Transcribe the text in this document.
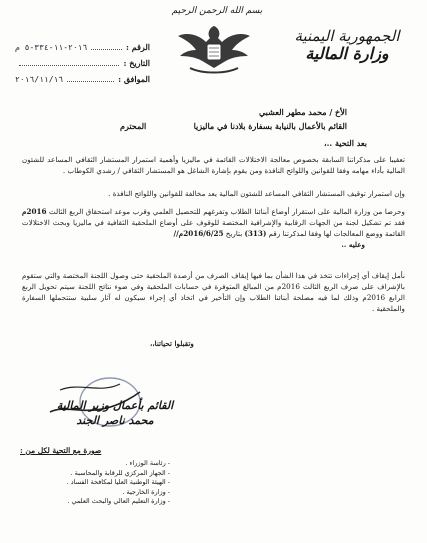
الجمهورية اليمنية
وزارة المالية
بسم الله الرحمن الرحيم
الرقم :
٢٠١٦-١١-٣٣٤-٥ م
التاريخ :
الموافق :
٢٠١٦/١١/١٦
الأخ / محمد مطهر العشبي
القائم بالأعمال بالنيابة بسفارة بلادنا في ماليزيا
المحترم
بعد التحية ..،
تعقيبا على مذكراتنا السابقة بخصوص معالجة الاختلالات القائمة في ماليزيا وأهمية استمرار المستشار الثقافي المساعد للشئون المالية بأداء مهامه وفقا للقوانين واللوائح النافذة ومن يقوم بإشارة الشاغل هو المستشار الثقافي / رشدي الكوطاب .
وإن استمرار توقيف المستشار الثقافي المساعد للشئون المالية يعد مخالفة للقوانين واللوائح النافذة .
وحرصا من وزارة المالية على استقرار أوضاع أبنائنا الطلاب وتفرغهم للتحصيل العلمي وقرب موعد استحقاق الربع الثالث 2016م فقد تم تشكيل لجنة من الجهات الرقابية والإشرافية المختصة للوقوف على أوضاع الملحقية الثقافية في ماليزيا وبحث الاختلالات القائمة ووضع المعالجات لها وفقا لمذكرتنا رقم (313) بتاريخ 2016/6/25م//
وعليه ..
نأمل إيقاف أي إجراءات تتخذ في هذا الشأن بما فيها إيقاف الصرف من أرصدة الملحقية حتى وصول اللجنة المختصة والتي ستقوم بالإشراف على صرف الربع الثالث 2016م من المبالغ المتوفرة في حسابات الملحقية وفي ضوء نتائج اللجنة سيتم تحويل الربع الرابع 2016م وذلك لما فيه مصلحة أبنائنا الطلاب وإن التأخير في اتخاذ أي إجراء سيكون له آثار سلبية ستتحملها السفارة والملحقية .
وتقبلوا تحياتنا،،
القائم بأعمال وزير المالية
محمد ناصر الجند
صورة مع التحية لكل من :
- رئاسة الوزراء .
- الجهاز المركزي للرقابة والمحاسبة .
- الهيئة الوطنية العليا لمكافحة الفساد .
- وزارة الخارجية .
- وزارة التعليم العالي والبحث العلمي .
